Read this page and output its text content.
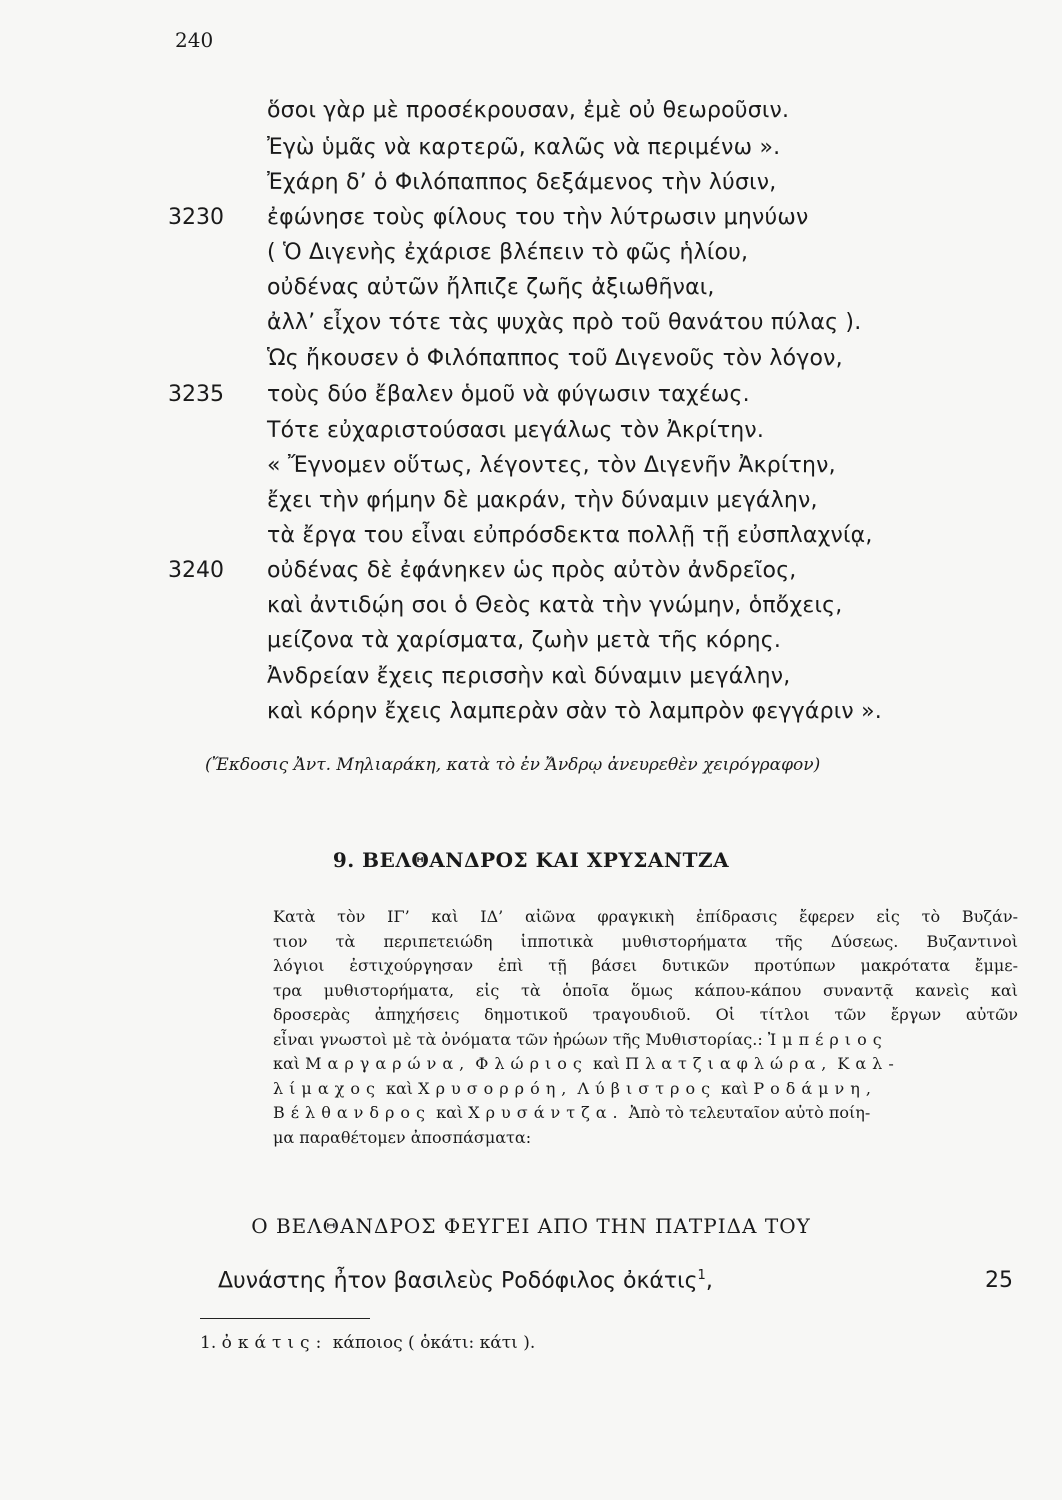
240
ὅσοι γὰρ μὲ προσέκρουσαν, ἐμὲ οὐ θεωροῦσιν.
Ἐγὼ ὑμᾶς νὰ καρτερῶ, καλῶς νὰ περιμένω ».
Ἐχάρη δ’ ὁ Φιλόπαππος δεξάμενος τὴν λύσιν,
ἐφώνησε τοὺς φίλους του τὴν λύτρωσιν μηνύων
( Ὁ Διγενὴς ἐχάρισε βλέπειν τὸ φῶς ἡλίου,
οὐδένας αὐτῶν ἤλπιζε ζωῆς ἀξιωθῆναι,
ἀλλ’ εἶχον τότε τὰς ψυχὰς πρὸ τοῦ θανάτου πύλας ).
Ὡς ἤκουσεν ὁ Φιλόπαππος τοῦ Διγενοῦς τὸν λόγον,
τοὺς δύο ἔβαλεν ὁμοῦ νὰ φύγωσιν ταχέως.
Τότε εὐχαριστούσασι μεγάλως τὸν Ἀκρίτην.
« Ἔγνομεν οὕτως, λέγοντες, τὸν Διγενῆν Ἀκρίτην,
ἔχει τὴν φήμην δὲ μακράν, τὴν δύναμιν μεγάλην,
τὰ ἔργα του εἶναι εὐπρόσδεκτα πολλῇ τῇ εὐσπλαχνίᾳ,
οὐδένας δὲ ἐφάνηκεν ὡς πρὸς αὐτὸν ἀνδρεῖος,
καὶ ἀντιδῴη σοι ὁ Θεὸς κατὰ τὴν γνώμην, ὁπὄχεις,
μείζονα τὰ χαρίσματα, ζωὴν μετὰ τῆς κόρης.
Ἀνδρείαν ἔχεις περισσὴν καὶ δύναμιν μεγάλην,
καὶ κόρην ἔχεις λαμπερὰν σὰν τὸ λαμπρὸν φεγγάριν ».
3230
3235
3240
(Ἔκδοσις Ἀντ. Μηλιαράκη, κατὰ τὸ ἐν Ἄνδρῳ ἀνευρεθὲν χειρόγραφον)
9. ΒΕΛΘΑΝΔΡΟΣ ΚΑΙ ΧΡΥΣΑΝΤΖΑ
Κατὰ τὸν ΙΓ’ καὶ ΙΔ’ αἰῶνα φραγκικὴ ἐπίδρασις ἔφερεν εἰς τὸ Βυζάν-
τιον τὰ περιπετειώδη ἱπποτικὰ μυθιστορήματα τῆς Δύσεως. Βυζαντινοὶ
λόγιοι ἐστιχούργησαν ἐπὶ τῇ βάσει δυτικῶν προτύπων μακρότατα ἔμμε-
τρα μυθιστορήματα, εἰς τὰ ὁποῖα ὅμως κάπου-κάπου συναντᾷ κανεὶς καὶ
δροσερὰς ἀπηχήσεις δημοτικοῦ τραγουδιοῦ. Οἱ τίτλοι τῶν ἔργων αὐτῶν
εἶναι γνωστοὶ μὲ τὰ ὀνόματα τῶν ἡρώων τῆς Μυθιστορίας.: Ἰμπέριος
καὶ Μαργαρώνα, Φλώριος καὶ Πλατζιαφλώρα, Καλ-
λίμαχος καὶ Χρυσορρόη, Λύβιστρος καὶ Ροδάμνη,
Βέλθανδρος καὶ Χρυσάντζα. Ἀπὸ τὸ τελευταῖον αὐτὸ ποίη-
μα παραθέτομεν ἀποσπάσματα:
Ο ΒΕΛΘΑΝΔΡΟΣ ΦΕΥΓΕΙ ΑΠΟ ΤΗΝ ΠΑΤΡΙΔΑ ΤΟΥ
Δυνάστης ἦτον βασιλεὺς Ροδόφιλος ὀκάτις$^1$,	25
1. ὀκάτις: κάποιος ( ὁκάτι: κάτι ).
